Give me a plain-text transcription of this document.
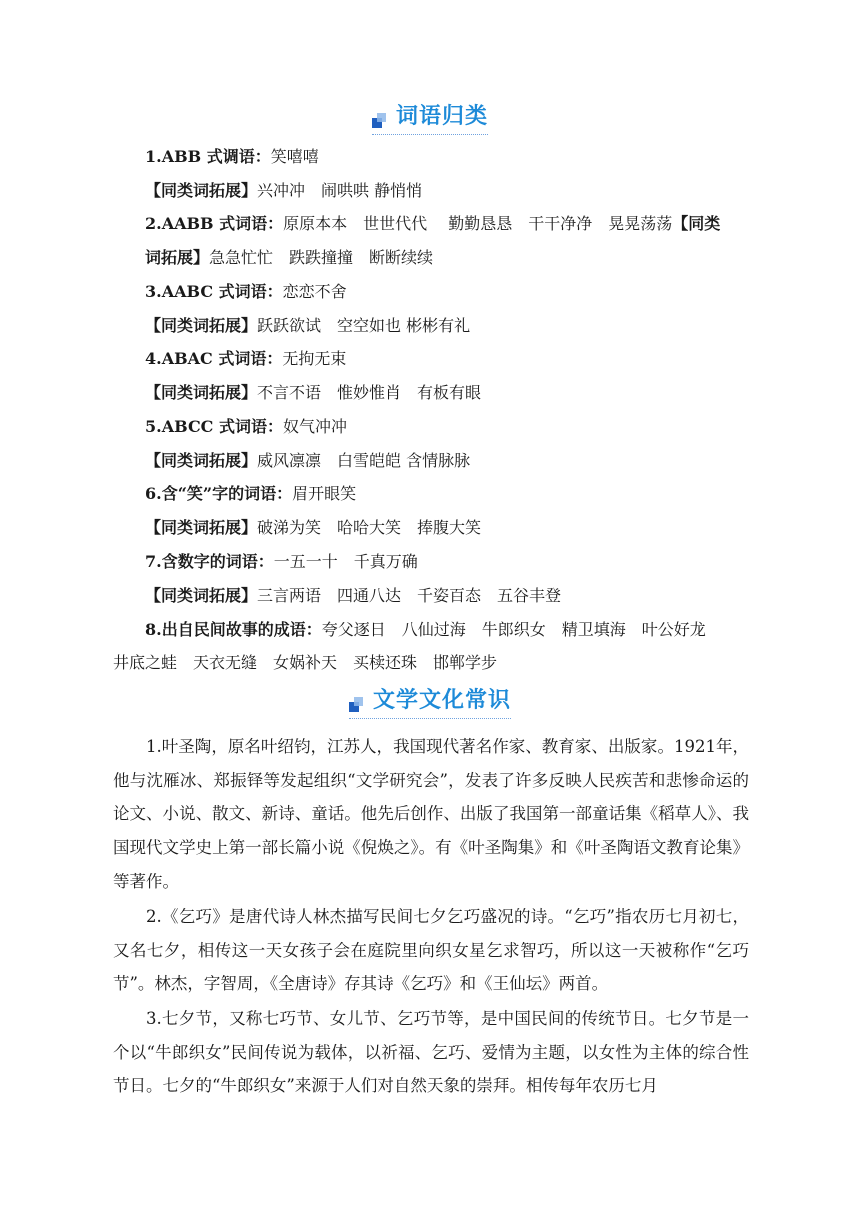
词语归类
1.ABB 式调语：笑嘻嘻
【同类词拓展】兴冲冲　闹哄哄 静悄悄
2.AABB 式词语：原原本本　世世代代　 勤勤恳恳　干干净净　晃晃荡荡【同类
词拓展】急急忙忙　跌跌撞撞　断断续续
3.AABC 式词语：恋恋不舍
【同类词拓展】跃跃欲试　空空如也 彬彬有礼
4.ABAC 式词语：无拘无束
【同类词拓展】不言不语　惟妙惟肖　有板有眼
5.ABCC 式词语：奴气冲冲
【同类词拓展】威风凛凛　白雪皑皑 含情脉脉
6.含“笑”字的词语：眉开眼笑
【同类词拓展】破涕为笑　哈哈大笑　捧腹大笑
7.含数字的词语：一五一十　千真万确
【同类词拓展】三言两语　四通八达　千姿百态　五谷丰登
8.出自民间故事的成语：夸父逐日　八仙过海　牛郎织女　精卫填海　叶公好龙
井底之蛙　天衣无缝　女娲补天　买椟还珠　邯郸学步
文学文化常识
1.叶圣陶，原名叶绍钧，江苏人，我国现代著名作家、教育家、出版家。1921年，他与沈雁冰、郑振铎等发起组织“文学研究会”，发表了许多反映人民疾苦和悲惨命运的论文、小说、散文、新诗、童话。他先后创作、出版了我国第一部童话集《稻草人》、我国现代文学史上第一部长篇小说《倪焕之》。有《叶圣陶集》和《叶圣陶语文教育论集》等著作。
2.《乞巧》是唐代诗人林杰描写民间七夕乞巧盛况的诗。“乞巧”指农历七月初七，又名七夕，相传这一天女孩子会在庭院里向织女星乞求智巧，所以这一天被称作“乞巧节”。林杰，字智周，《全唐诗》存其诗《乞巧》和《王仙坛》两首。
3.七夕节，又称七巧节、女儿节、乞巧节等，是中国民间的传统节日。七夕节是一个以“牛郎织女”民间传说为载体，以祈福、乞巧、爱情为主题，以女性为主体的综合性节日。七夕的“牛郎织女”来源于人们对自然天象的崇拜。相传每年农历七月
